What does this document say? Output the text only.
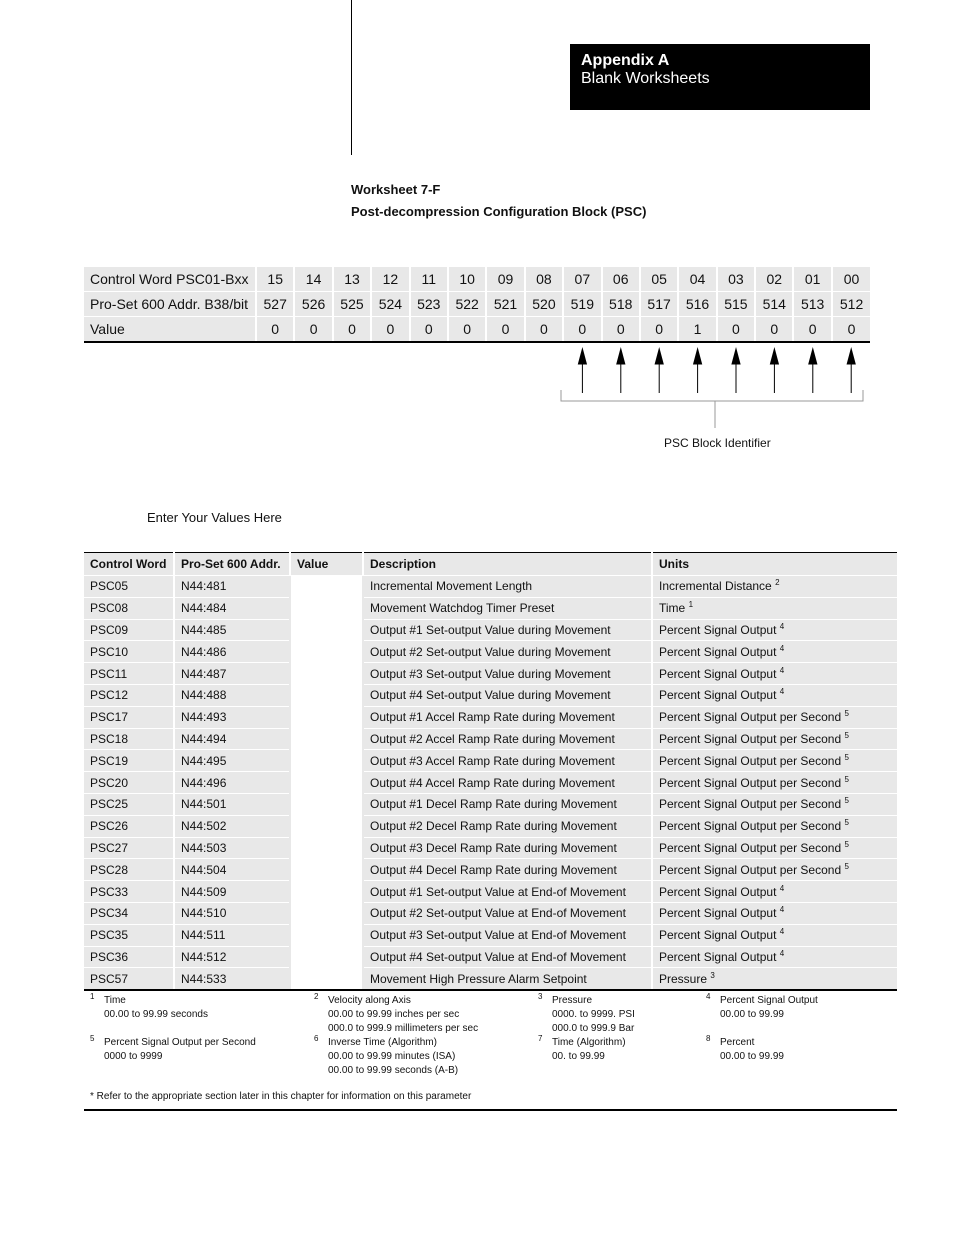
Appendix A
Blank Worksheets
Worksheet 7-F
Post-decompression Configuration Block (PSC)
Control Word PSC01-Bxx	15	14	13	12	11	10	09	08	07	06	05	04	03	02	01	00
Pro-Set 600 Addr. B38/bit	527	526	525	524	523	522	521	520	519	518	517	516	515	514	513	512
Value	0	0	0	0	0	0	0	0	0	0	0	1	0	0	0	0
PSC Block Identifier
Enter Your Values Here
Control Word	Pro-Set 600 Addr.	Value	Description	Units
PSC05	N44:481		Incremental Movement Length	Incremental Distance $^2$
PSC08	N44:484		Movement Watchdog Timer Preset	Time $^1$
PSC09	N44:485		Output #1 Set-output Value during Movement	Percent Signal Output $^4$
PSC10	N44:486		Output #2 Set-output Value during Movement	Percent Signal Output $^4$
PSC11	N44:487		Output #3 Set-output Value during Movement	Percent Signal Output $^4$
PSC12	N44:488		Output #4 Set-output Value during Movement	Percent Signal Output $^4$
PSC17	N44:493		Output #1 Accel Ramp Rate during Movement	Percent Signal Output per Second $^5$
PSC18	N44:494		Output #2 Accel Ramp Rate during Movement	Percent Signal Output per Second $^5$
PSC19	N44:495		Output #3 Accel Ramp Rate during Movement	Percent Signal Output per Second $^5$
PSC20	N44:496		Output #4 Accel Ramp Rate during Movement	Percent Signal Output per Second $^5$
PSC25	N44:501		Output #1 Decel Ramp Rate during Movement	Percent Signal Output per Second $^5$
PSC26	N44:502		Output #2 Decel Ramp Rate during Movement	Percent Signal Output per Second $^5$
PSC27	N44:503		Output #3 Decel Ramp Rate during Movement	Percent Signal Output per Second $^5$
PSC28	N44:504		Output #4 Decel Ramp Rate during Movement	Percent Signal Output per Second $^5$
PSC33	N44:509		Output #1 Set-output Value at End-of Movement	Percent Signal Output $^4$
PSC34	N44:510		Output #2 Set-output Value at End-of Movement	Percent Signal Output $^4$
PSC35	N44:511		Output #3 Set-output Value at End-of Movement	Percent Signal Output $^4$
PSC36	N44:512		Output #4 Set-output Value at End-of Movement	Percent Signal Output $^4$
PSC57	N44:533		Movement High Pressure Alarm Setpoint	Pressure $^3$
1 Time
00.00 to 99.99 seconds
2 Velocity along Axis
00.00 to 99.99 inches per sec
000.0 to 999.9 millimeters per sec
3 Pressure
0000. to 9999. PSI
000.0 to 999.9 Bar
4 Percent Signal Output
00.00 to 99.99
5 Percent Signal Output per Second
0000 to 9999
6 Inverse Time (Algorithm)
00.00 to 99.99 minutes (ISA)
00.00 to 99.99 seconds (A-B)
7 Time (Algorithm)
00. to 99.99
8 Percent
00.00 to 99.99
* Refer to the appropriate section later in this chapter for information on this parameter
